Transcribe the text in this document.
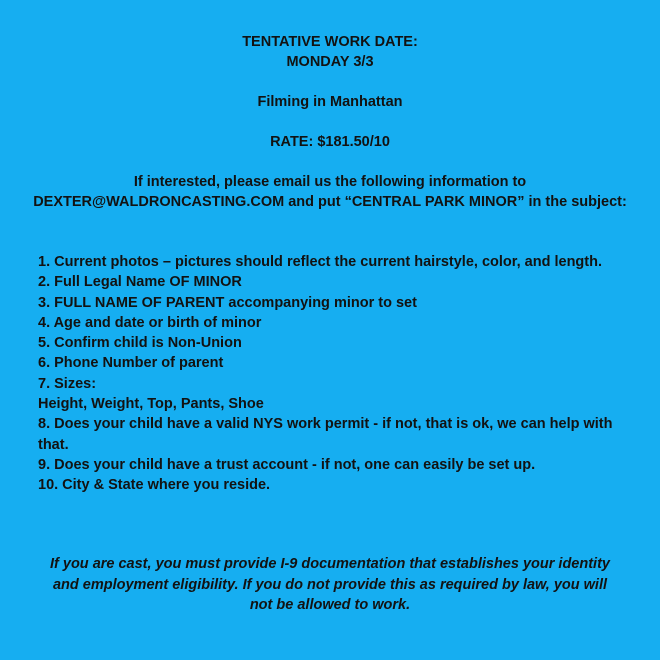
TENTATIVE WORK DATE:
MONDAY 3/3
Filming in Manhattan
RATE: $181.50/10
If interested, please email us the following information to DEXTER@WALDRONCASTING.COM and put “CENTRAL PARK MINOR” in the subject:
1. Current photos – pictures should reflect the current hairstyle, color, and length.
2. Full Legal Name OF MINOR
3. FULL NAME OF PARENT accompanying minor to set
4. Age and date or birth of minor
5. Confirm child is Non-Union
6. Phone Number of parent
7. Sizes:
Height, Weight, Top, Pants, Shoe
8. Does your child have a valid NYS work permit - if not, that is ok, we can help with that.
9. Does your child have a trust account - if not, one can easily be set up.
10. City & State where you reside.
If you are cast, you must provide I-9 documentation that establishes your identity and employment eligibility. If you do not provide this as required by law, you will not be allowed to work.
